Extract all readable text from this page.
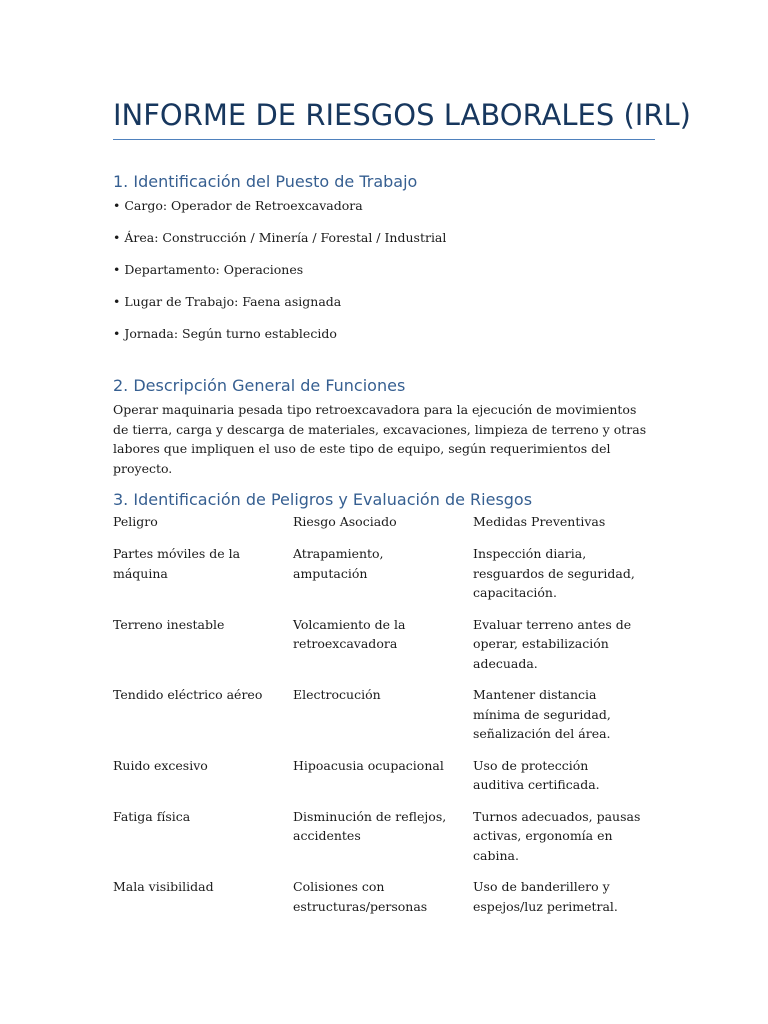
INFORME DE RIESGOS LABORALES (IRL)
1. Identificación del Puesto de Trabajo

• Cargo: Operador de Retroexcavadora

• Área: Construcción / Minería / Forestal / Industrial

• Departamento: Operaciones

• Lugar de Trabajo: Faena asignada

• Jornada: Según turno establecido

2. Descripción General de Funciones

Operar maquinaria pesada tipo retroexcavadora para la ejecución de movimientos de tierra, carga y descarga de materiales, excavaciones, limpieza de terreno y otras labores que impliquen el uso de este tipo de equipo, según requerimientos del proyecto.

3. Identificación de Peligros y Evaluación de Riesgos
Peligro	Riesgo Asociado	Medidas Preventivas

Partes móviles de la máquina	Atrapamiento, amputación	Inspección diaria, resguardos de seguridad, capacitación.

Terreno inestable	Volcamiento de la retroexcavadora	Evaluar terreno antes de operar, estabilización adecuada.

Tendido eléctrico aéreo	Electrocución	Mantener distancia mínima de seguridad, señalización del área.

Ruido excesivo	Hipoacusia ocupacional	Uso de protección auditiva certificada.

Fatiga física	Disminución de reflejos, accidentes	Turnos adecuados, pausas activas, ergonomía en cabina.

Mala visibilidad	Colisiones con estructuras/personas	Uso de banderillero y espejos/luz perimetral.
